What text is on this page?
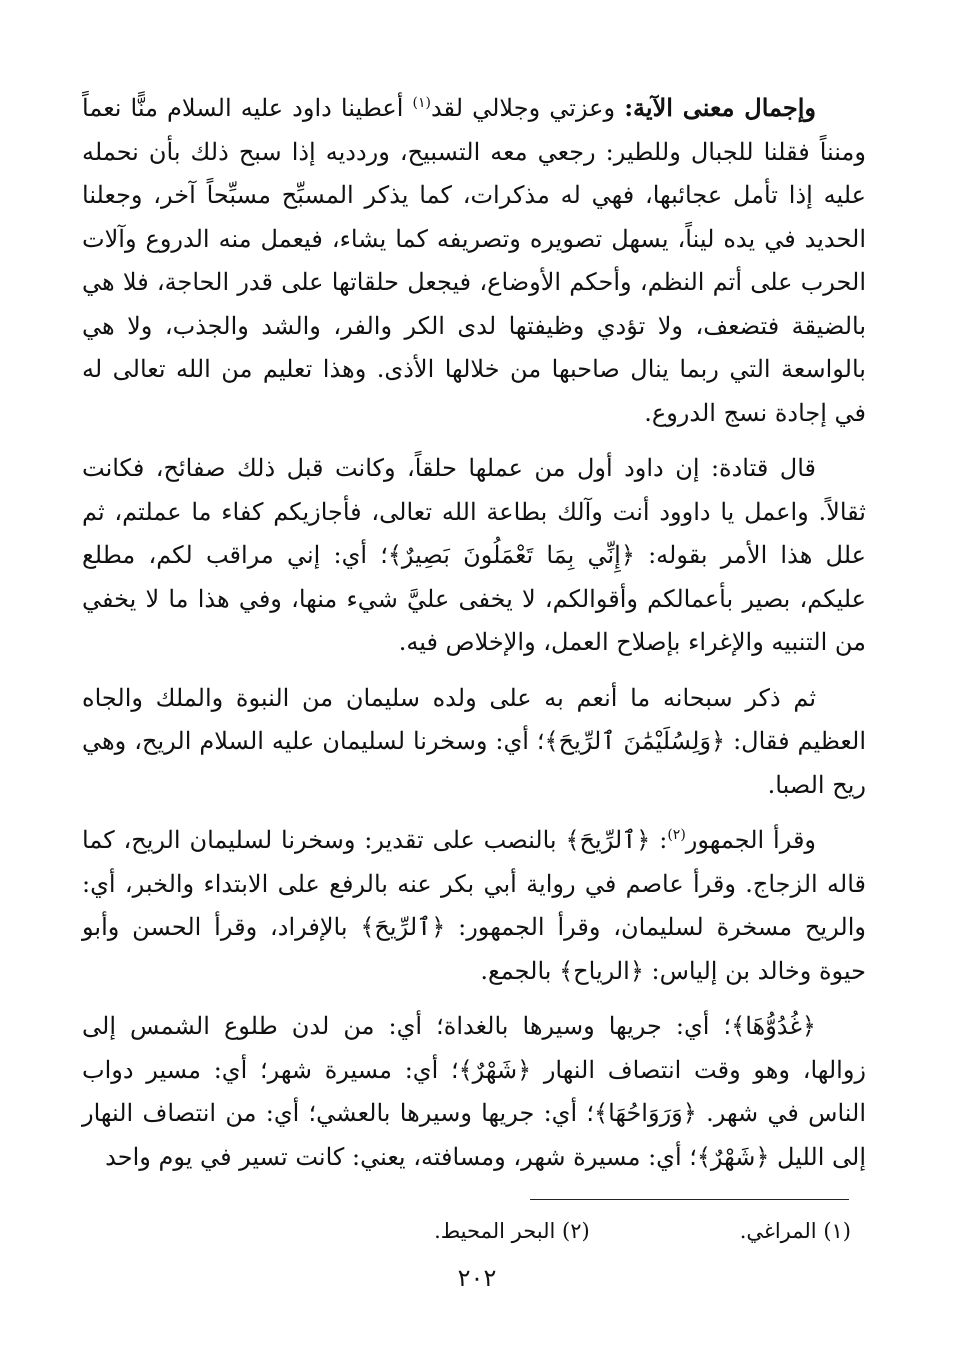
وإجمال معنى الآية: وعزتي وجلالي لقد$^{(١)}$ أعطينا داود عليه السلام منًّا نعماً ومنناً فقلنا للجبال وللطير: رجعي معه التسبيح، ورددیه إذا سبح ذلك بأن نحمله عليه إذا تأمل عجائبها، فهي له مذكرات، كما يذكر المسبِّح مسبِّحاً آخر، وجعلنا الحديد في يده ليناً، يسهل تصويره وتصريفه كما يشاء، فيعمل منه الدروع وآلات الحرب على أتم النظم، وأحكم الأوضاع، فيجعل حلقاتها على قدر الحاجة، فلا هي بالضيقة فتضعف، ولا تؤدي وظيفتها لدى الكر والفر، والشد والجذب، ولا هي بالواسعة التي ربما ينال صاحبها من خلالها الأذى. وهذا تعليم من الله تعالى له في إجادة نسج الدروع.

قال قتادة: إن داود أول من عملها حلقاً، وكانت قبل ذلك صفائح، فكانت ثقالاً. واعمل يا داوود أنت وآلك بطاعة الله تعالى، فأجازيكم كفاء ما عملتم، ثم علل هذا الأمر بقوله: ﴿إِنِّي بِمَا تَعْمَلُونَ بَصِيرٌ﴾؛ أي: إني مراقب لكم، مطلع عليكم، بصير بأعمالكم وأقوالكم، لا يخفى عليَّ شيء منها، وفي هذا ما لا يخفي من التنبيه والإغراء بإصلاح العمل، والإخلاص فيه.

ثم ذكر سبحانه ما أنعم به على ولده سليمان من النبوة والملك والجاه العظيم فقال: ﴿وَلِسُلَيْمَٰنَ ٱلرِّيحَ﴾؛ أي: وسخرنا لسليمان عليه السلام الريح، وهي ريح الصبا.

وقرأ الجمهور$^{(٢)}$: ﴿ٱلرِّيحَ﴾ بالنصب على تقدير: وسخرنا لسليمان الريح، كما قاله الزجاج. وقرأ عاصم في رواية أبي بكر عنه بالرفع على الابتداء والخبر، أي: والريح مسخرة لسليمان، وقرأ الجمهور: ﴿ٱلرِّيحَ﴾ بالإفراد، وقرأ الحسن وأبو حيوة وخالد بن إلياس: ﴿الرياح﴾ بالجمع.

﴿غُدُوُّهَا﴾؛ أي: جريها وسيرها بالغداة؛ أي: من لدن طلوع الشمس إلى زوالها، وهو وقت انتصاف النهار ﴿شَهْرٌ﴾؛ أي: مسيرة شهر؛ أي: مسير دواب الناس في شهر. ﴿وَرَوَاحُهَا﴾؛ أي: جريها وسيرها بالعشي؛ أي: من انتصاف النهار إلى الليل ﴿شَهْرٌ﴾؛ أي: مسيرة شهر، ومسافته، يعني: كانت تسير في يوم واحد

(١) المراغي.
(٢) البحر المحيط.
٢٠٢
